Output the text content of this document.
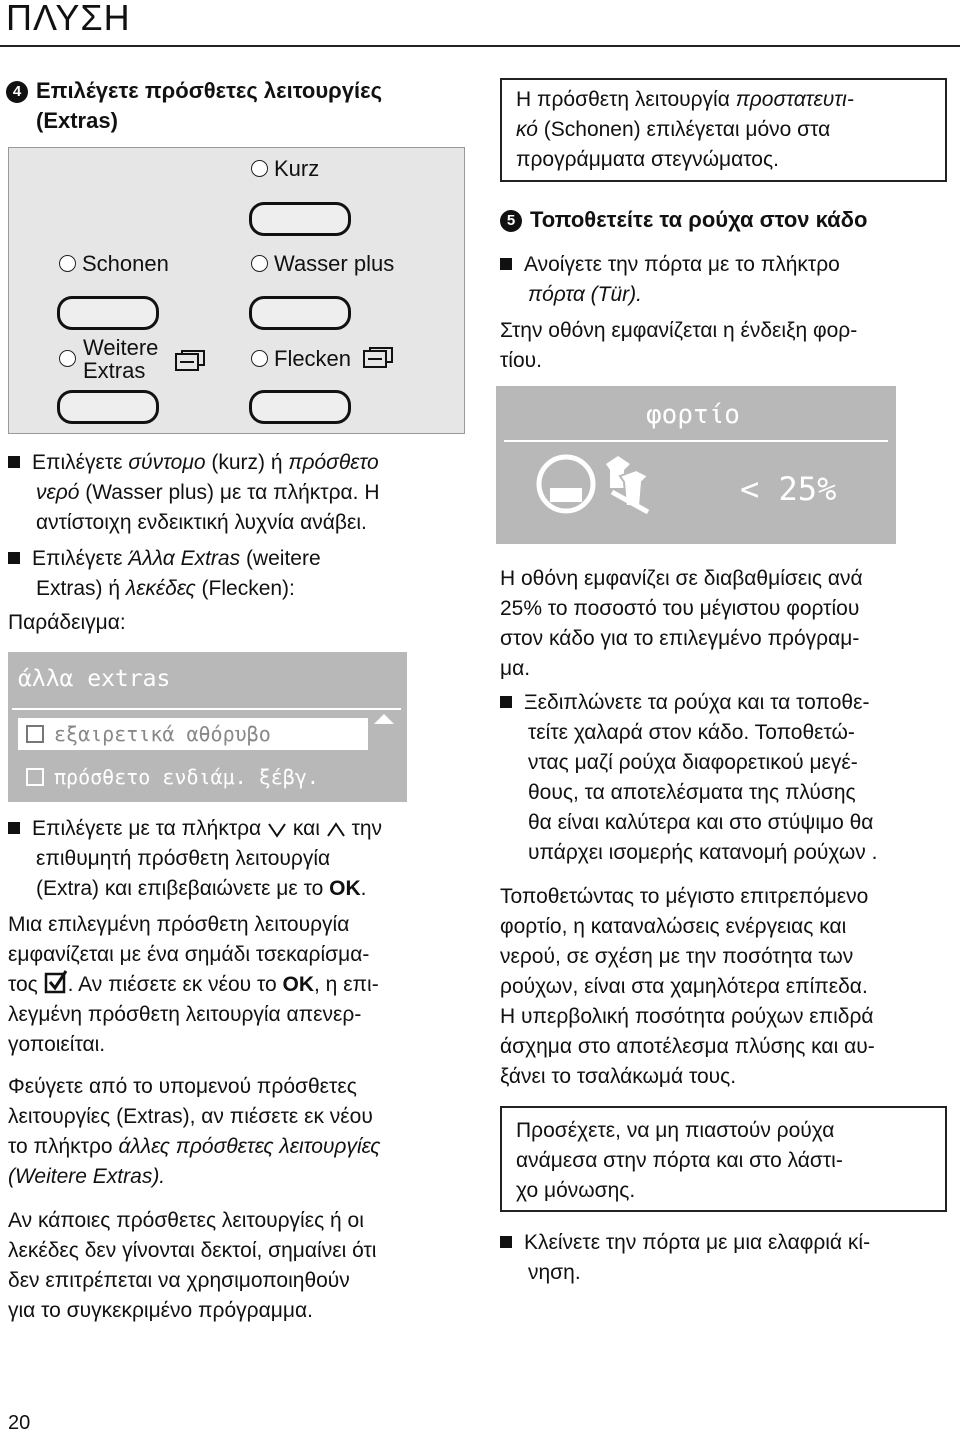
ΠΛΥΣΗ
4 Επιλέγετε πρόσθετες λειτουργίες
(Extras)
Kurz
Schonen	Wasser plus
Weitere
Extras	Flecken
Επιλέγετε σύντομο (kurz) ή πρόσθετο
νερό (Wasser plus) με τα πλήκτρα. Η
αντίστοιχη ενδεικτική λυχνία ανάβει.
Επιλέγετε Άλλα Extras (weitere
Extras) ή λεκέδες (Flecken):
Παράδειγμα:
άλλα extras
εξαιρετικά αθόρυβο
πρόσθετο ενδιάμ. ξέβγ.
Επιλέγετε με τα πλήκτρα  και  την
επιθυμητή πρόσθετη λειτουργία
(Extra) και επιβεβαιώνετε με το OK.
Μια επιλεγμένη πρόσθετη λειτουργία
εμφανίζεται με ένα σημάδι τσεκαρίσμα-
τος . Αν πιέσετε εκ νέου το OK, η επι-
λεγμένη πρόσθετη λειτουργία απενερ-
γοποιείται.
Φεύγετε από το υπομενού πρόσθετες
λειτουργίες (Extras), αν πιέσετε εκ νέου
το πλήκτρο άλλες πρόσθετες λειτουργίες
(Weitere Extras).
Αν κάποιες πρόσθετες λειτουργίες ή οι
λεκέδες δεν γίνονται δεκτοί, σημαίνει ότι
δεν επιτρέπεται να χρησιμοποιηθούν
για το συγκεκριμένο πρόγραμμα.
Η πρόσθετη λειτουργία προστατευτι-
κό (Schonen) επιλέγεται μόνο στα
προγράμματα στεγνώματος.
5 Τοποθετείτε τα ρούχα στον κάδο
Ανοίγετε την πόρτα με το πλήκτρο
πόρτα (Tür).
Στην οθόνη εμφανίζεται η ένδειξη φορ-
τίου.
φορτίο
< 25%
Η οθόνη εμφανίζει σε διαβαθμίσεις ανά
25% το ποσοστό του μέγιστου φορτίου
στον κάδο για το επιλεγμένο πρόγραμ-
μα.
Ξεδιπλώνετε τα ρούχα και τα τοποθε-
τείτε χαλαρά στον κάδο. Τοποθετώ-
ντας μαζί ρούχα διαφορετικού μεγέ-
θους, τα αποτελέσματα της πλύσης
θα είναι καλύτερα και στο στύψιμο θα
υπάρχει ισομερής κατανομή ρούχων .
Τοποθετώντας το μέγιστο επιτρεπόμενο
φορτίο, η καταναλώσεις ενέργειας και
νερού, σε σχέση με την ποσότητα των
ρούχων, είναι στα χαμηλότερα επίπεδα.
Η υπερβολική ποσότητα ρούχων επιδρά
άσχημα στο αποτέλεσμα πλύσης και αυ-
ξάνει το τσαλάκωμά τους.
Προσέχετε, να μη πιαστούν ρούχα
ανάμεσα στην πόρτα και στο λάστι-
χο μόνωσης.
Κλείνετε την πόρτα με μια ελαφριά κί-
νηση.
20
